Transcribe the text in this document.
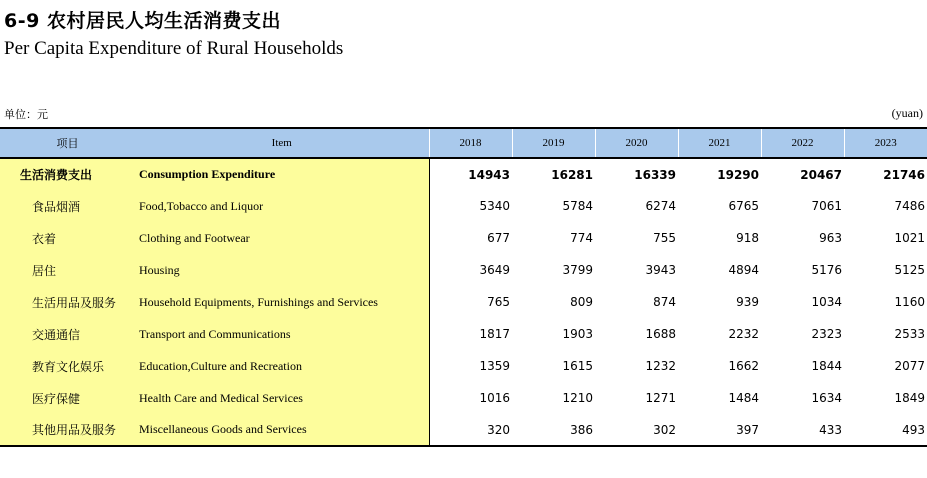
6-9 农村居民人均生活消费支出
Per Capita Expenditure of Rural Households
单位：元	(yuan)
项目	Item	2018	2019	2020	2021	2022	2023
生活消费支出	Consumption Expenditure	14943	16281	16339	19290	20467	21746
食品烟酒	Food,Tobacco and Liquor	5340	5784	6274	6765	7061	7486
衣着	Clothing and Footwear	677	774	755	918	963	1021
居住	Housing	3649	3799	3943	4894	5176	5125
生活用品及服务	Household Equipments, Furnishings and Services	765	809	874	939	1034	1160
交通通信	Transport and Communications	1817	1903	1688	2232	2323	2533
教育文化娱乐	Education,Culture and Recreation	1359	1615	1232	1662	1844	2077
医疗保健	Health Care and Medical Services	1016	1210	1271	1484	1634	1849
其他用品及服务	Miscellaneous Goods and Services	320	386	302	397	433	493
